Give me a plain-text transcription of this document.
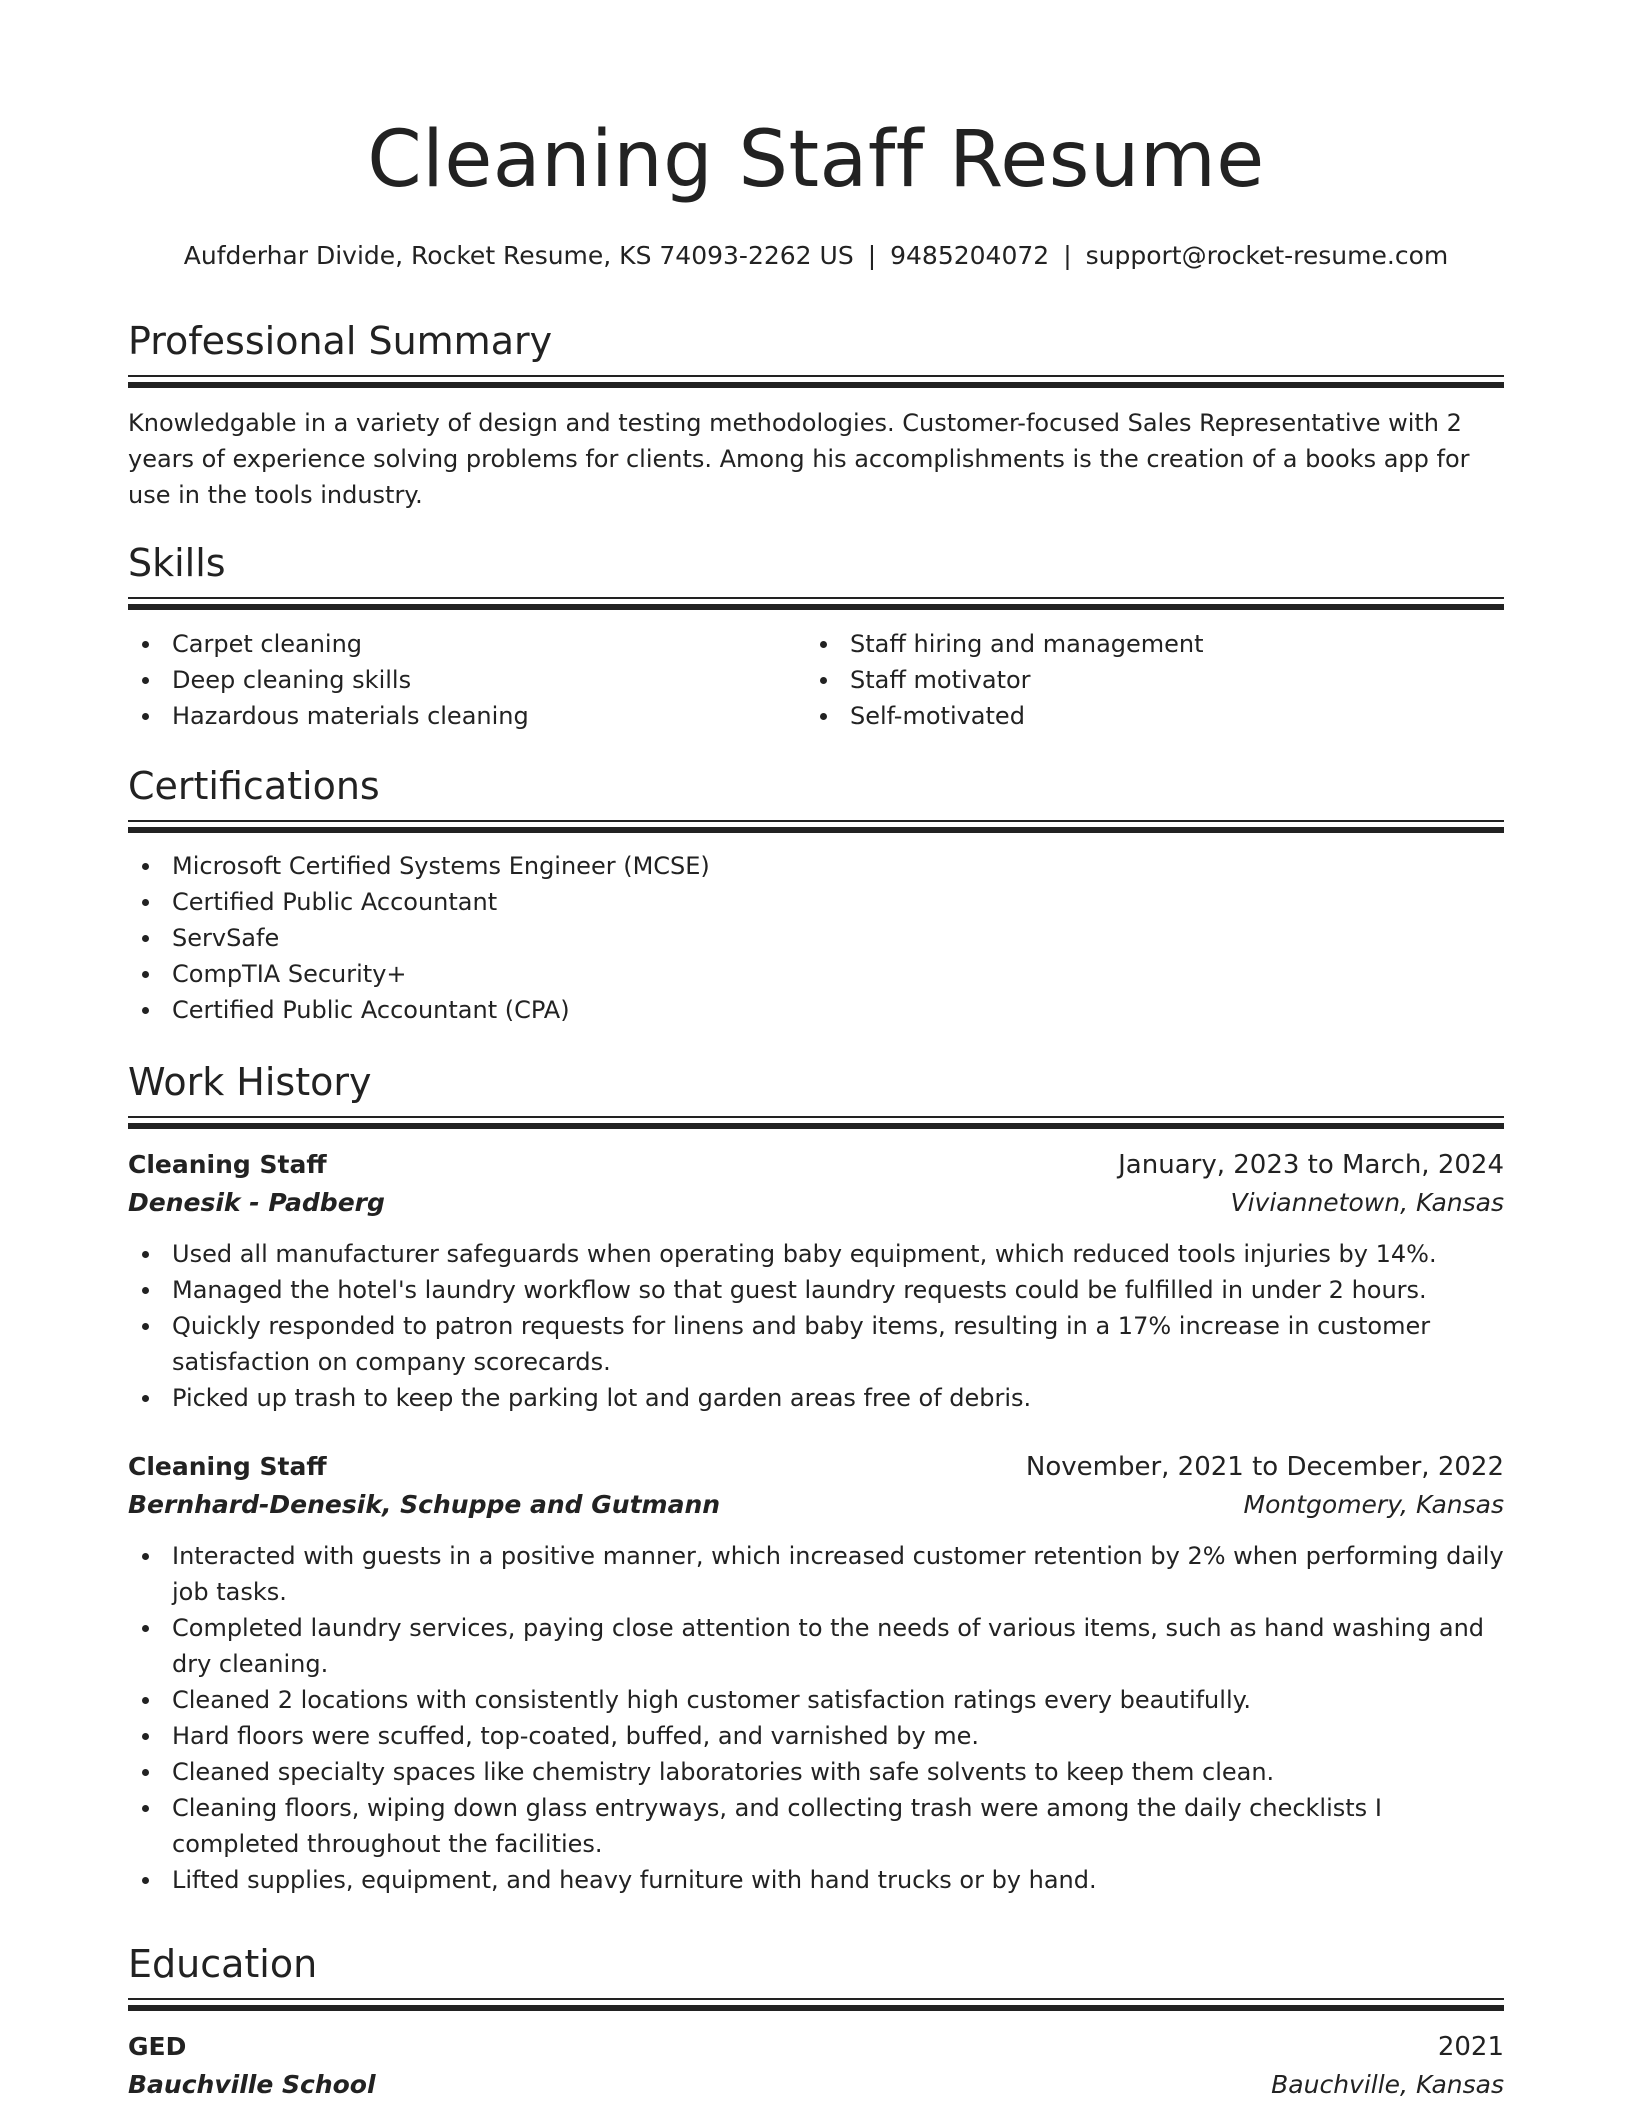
Cleaning Staff Resume
Aufderhar Divide, Rocket Resume, KS 74093-2262 US | 9485204072 | support@rocket-resume.com
Professional Summary
Knowledgable in a variety of design and testing methodologies. Customer-focused Sales Representative with 2 years of experience solving problems for clients. Among his accomplishments is the creation of a books app for use in the tools industry.
Skills
Carpet cleaning
Deep cleaning skills
Hazardous materials cleaning
Staff hiring and management
Staff motivator
Self-motivated
Certifications
Microsoft Certified Systems Engineer (MCSE)
Certified Public Accountant
ServSafe
CompTIA Security+
Certified Public Accountant (CPA)
Work History
Cleaning Staff	January, 2023 to March, 2024
Denesik - Padberg	Viviannetown, Kansas
Used all manufacturer safeguards when operating baby equipment, which reduced tools injuries by 14%.
Managed the hotel's laundry workflow so that guest laundry requests could be fulfilled in under 2 hours.
Quickly responded to patron requests for linens and baby items, resulting in a 17% increase in customer satisfaction on company scorecards.
Picked up trash to keep the parking lot and garden areas free of debris.
Cleaning Staff	November, 2021 to December, 2022
Bernhard-Denesik, Schuppe and Gutmann	Montgomery, Kansas
Interacted with guests in a positive manner, which increased customer retention by 2% when performing daily job tasks.
Completed laundry services, paying close attention to the needs of various items, such as hand washing and dry cleaning.
Cleaned 2 locations with consistently high customer satisfaction ratings every beautifully.
Hard floors were scuffed, top-coated, buffed, and varnished by me.
Cleaned specialty spaces like chemistry laboratories with safe solvents to keep them clean.
Cleaning floors, wiping down glass entryways, and collecting trash were among the daily checklists I completed throughout the facilities.
Lifted supplies, equipment, and heavy furniture with hand trucks or by hand.
Education
GED	2021
Bauchville School	Bauchville, Kansas
